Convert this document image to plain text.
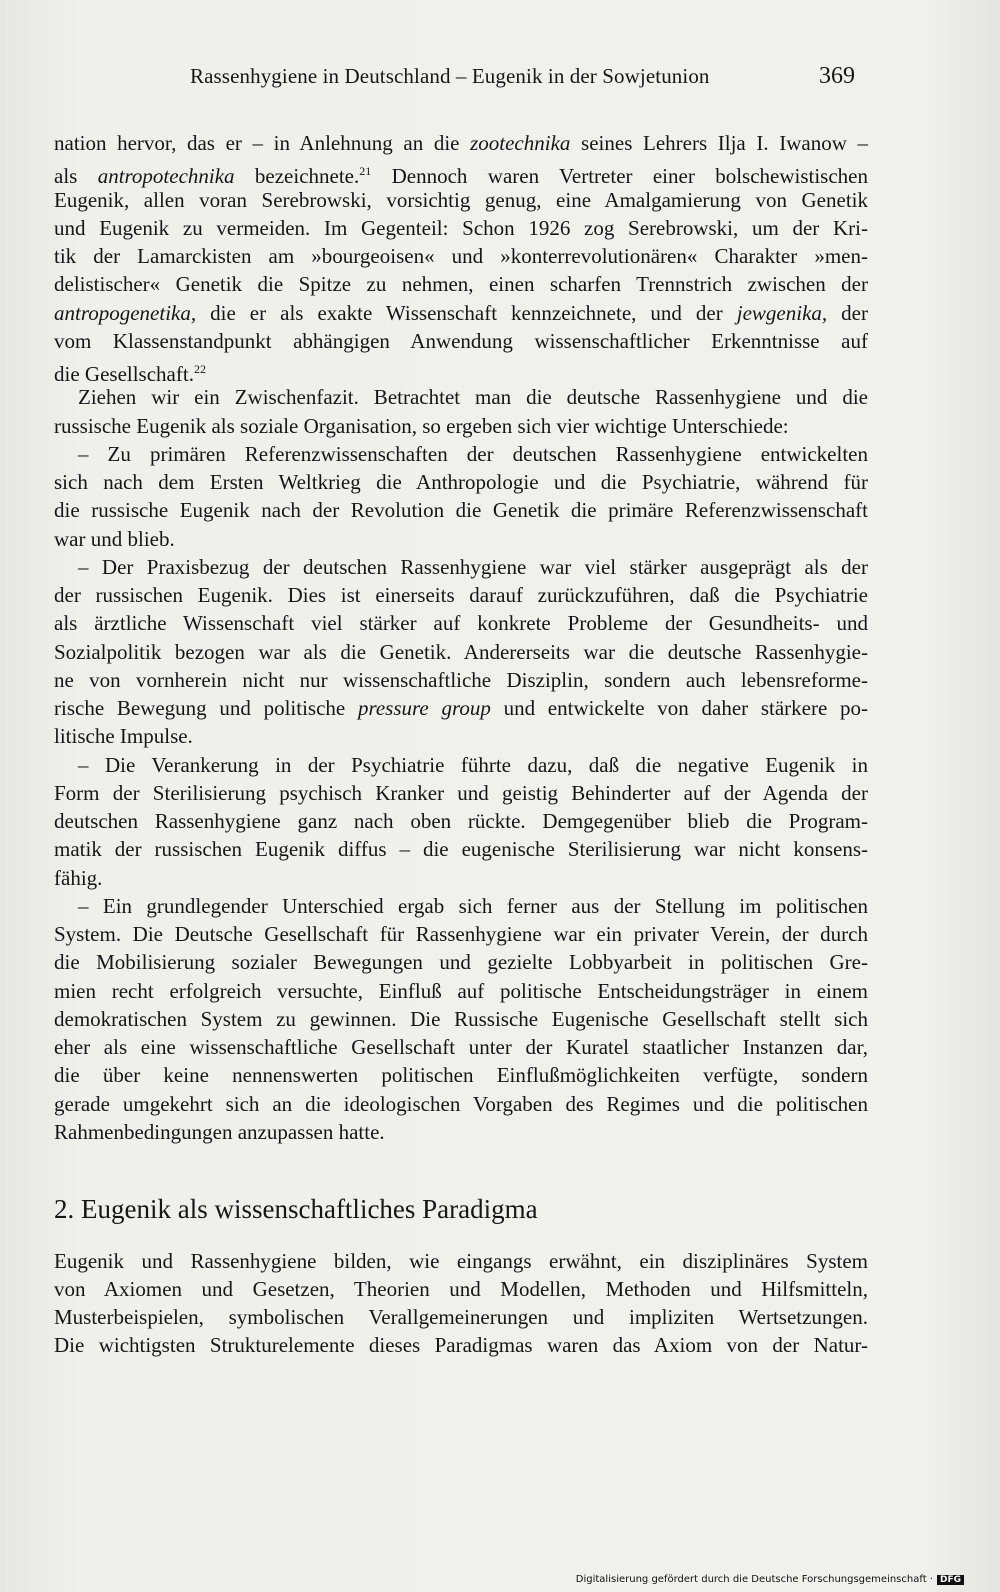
Rassenhygiene in Deutschland – Eugenik in der Sowjetunion	369
nation hervor, das er – in Anlehnung an die zootechnika seines Lehrers Ilja I. Iwanow –
als antropotechnika bezeichnete.$^{21}$ Dennoch waren Vertreter einer bolschewistischen
Eugenik, allen voran Serebrowski, vorsichtig genug, eine Amalgamierung von Genetik
und Eugenik zu vermeiden. Im Gegenteil: Schon 1926 zog Serebrowski, um der Kri-
tik der Lamarckisten am »bourgeoisen« und »konterrevolutionären« Charakter »men-
delistischer« Genetik die Spitze zu nehmen, einen scharfen Trennstrich zwischen der
antropogenetika, die er als exakte Wissenschaft kennzeichnete, und der jewgenika, der
vom Klassenstandpunkt abhängigen Anwendung wissenschaftlicher Erkenntnisse auf
die Gesellschaft.$^{22}$
Ziehen wir ein Zwischenfazit. Betrachtet man die deutsche Rassenhygiene und die
russische Eugenik als soziale Organisation, so ergeben sich vier wichtige Unterschiede:
– Zu primären Referenzwissenschaften der deutschen Rassenhygiene entwickelten
sich nach dem Ersten Weltkrieg die Anthropologie und die Psychiatrie, während für
die russische Eugenik nach der Revolution die Genetik die primäre Referenzwissenschaft
war und blieb.
– Der Praxisbezug der deutschen Rassenhygiene war viel stärker ausgeprägt als der
der russischen Eugenik. Dies ist einerseits darauf zurückzuführen, daß die Psychiatrie
als ärztliche Wissenschaft viel stärker auf konkrete Probleme der Gesundheits- und
Sozialpolitik bezogen war als die Genetik. Andererseits war die deutsche Rassenhygie-
ne von vornherein nicht nur wissenschaftliche Disziplin, sondern auch lebensreforme-
rische Bewegung und politische pressure group und entwickelte von daher stärkere po-
litische Impulse.
– Die Verankerung in der Psychiatrie führte dazu, daß die negative Eugenik in
Form der Sterilisierung psychisch Kranker und geistig Behinderter auf der Agenda der
deutschen Rassenhygiene ganz nach oben rückte. Demgegenüber blieb die Program-
matik der russischen Eugenik diffus – die eugenische Sterilisierung war nicht konsens-
fähig.
– Ein grundlegender Unterschied ergab sich ferner aus der Stellung im politischen
System. Die Deutsche Gesellschaft für Rassenhygiene war ein privater Verein, der durch
die Mobilisierung sozialer Bewegungen und gezielte Lobbyarbeit in politischen Gre-
mien recht erfolgreich versuchte, Einfluß auf politische Entscheidungsträger in einem
demokratischen System zu gewinnen. Die Russische Eugenische Gesellschaft stellt sich
eher als eine wissenschaftliche Gesellschaft unter der Kuratel staatlicher Instanzen dar,
die über keine nennenswerten politischen Einflußmöglichkeiten verfügte, sondern
gerade umgekehrt sich an die ideologischen Vorgaben des Regimes und die politischen
Rahmenbedingungen anzupassen hatte.
2. Eugenik als wissenschaftliches Paradigma
Eugenik und Rassenhygiene bilden, wie eingangs erwähnt, ein disziplinäres System
von Axiomen und Gesetzen, Theorien und Modellen, Methoden und Hilfsmitteln,
Musterbeispielen, symbolischen Verallgemeinerungen und impliziten Wertsetzungen.
Die wichtigsten Strukturelemente dieses Paradigmas waren das Axiom von der Natur-
Digitalisierung gefördert durch die Deutsche Forschungsgemeinschaft · DFG
